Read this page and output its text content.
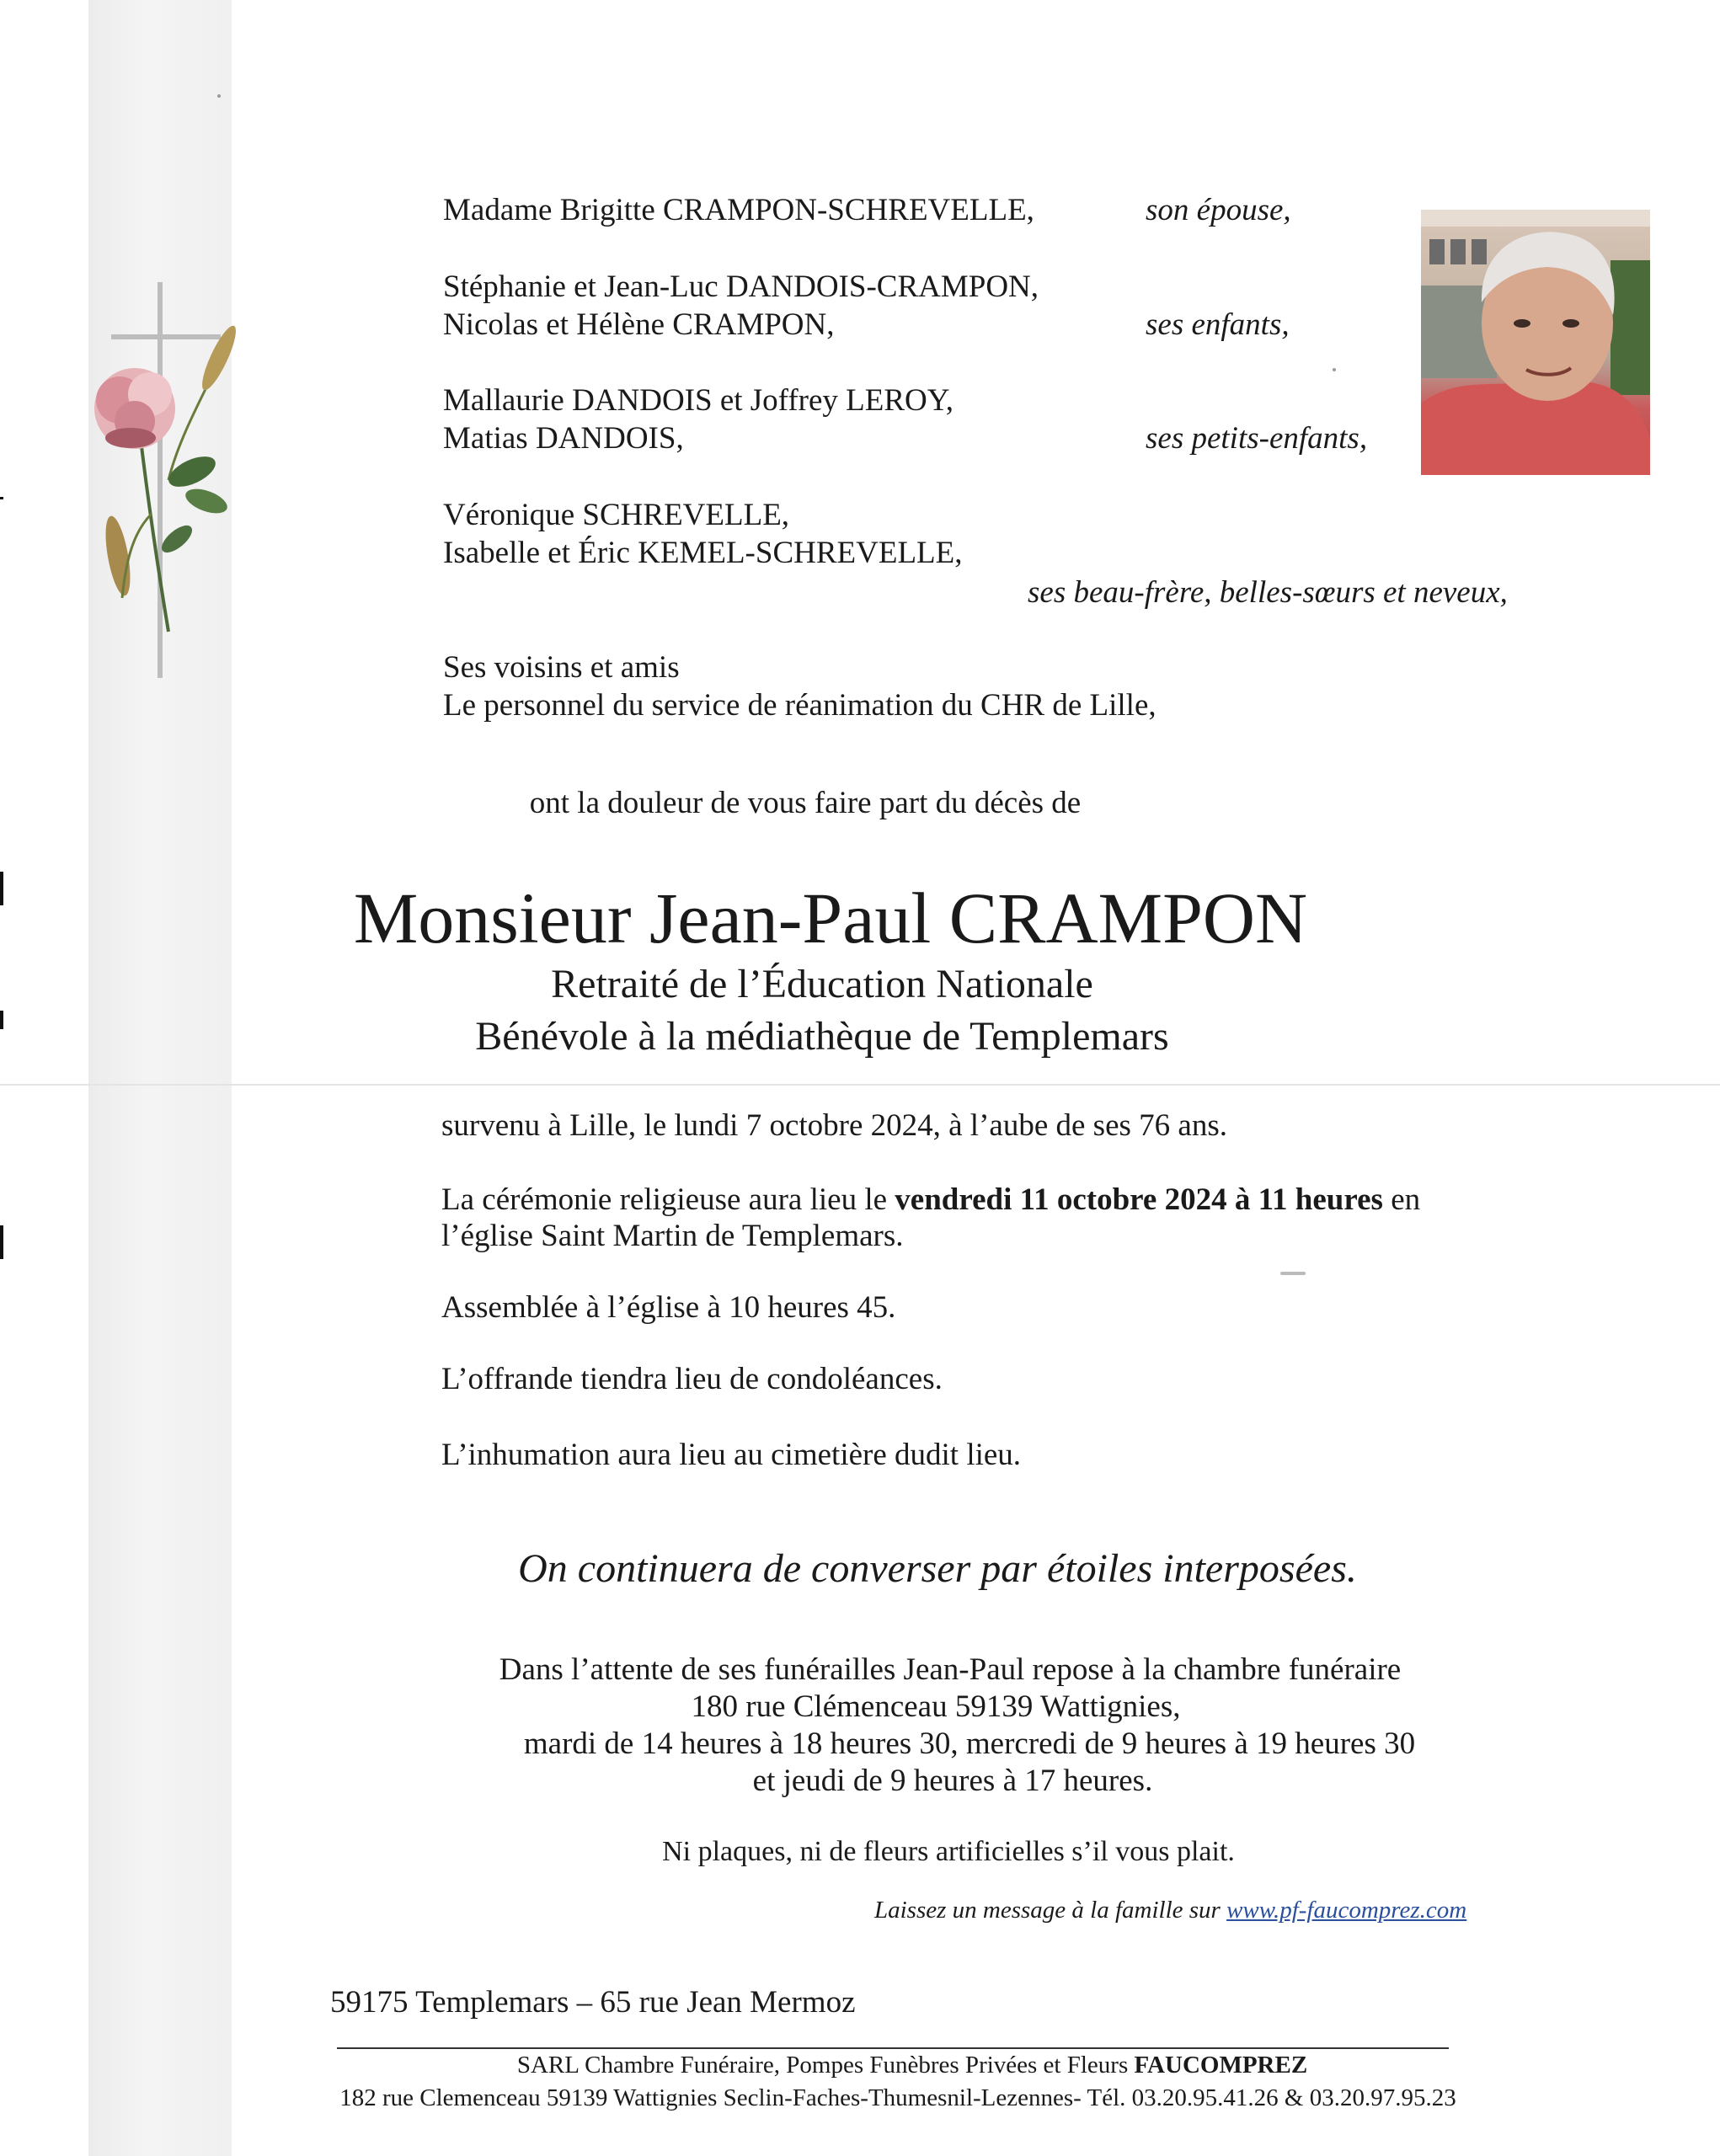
Madame Brigitte CRAMPON-SCHREVELLE,	son épouse,
Stéphanie et Jean-Luc DANDOIS-CRAMPON,
Nicolas et Hélène CRAMPON,	ses enfants,
Mallaurie DANDOIS et Joffrey LEROY,
Matias DANDOIS,	ses petits-enfants,
Véronique SCHREVELLE,
Isabelle et Éric KEMEL-SCHREVELLE,
ses beau-frère, belles-sœurs et neveux,
Ses voisins et amis
Le personnel du service de réanimation du CHR de Lille,
ont la douleur de vous faire part du décès de
Monsieur Jean-Paul CRAMPON
Retraité de l’Éducation Nationale
Bénévole à la médiathèque de Templemars
survenu à Lille, le lundi 7 octobre 2024, à l’aube de ses 76 ans.
La cérémonie religieuse aura lieu le vendredi 11 octobre 2024 à 11 heures en
l’église Saint Martin de Templemars.
Assemblée à l’église à 10 heures 45.
L’offrande tiendra lieu de condoléances.
L’inhumation aura lieu au cimetière dudit lieu.
On continuera de converser par étoiles interposées.
Dans l’attente de ses funérailles Jean-Paul repose à la chambre funéraire
180 rue Clémenceau 59139 Wattignies,
mardi de 14 heures à 18 heures 30, mercredi de 9 heures à 19 heures 30
et jeudi de 9 heures à 17 heures.
Ni plaques, ni de fleurs artificielles s’il vous plait.
Laissez un message à la famille sur www.pf-faucomprez.com
59175 Templemars – 65 rue Jean Mermoz
SARL Chambre Funéraire, Pompes Funèbres Privées et Fleurs FAUCOMPREZ
182 rue Clemenceau 59139 Wattignies Seclin-Faches-Thumesnil-Lezennes- Tél. 03.20.95.41.26 & 03.20.97.95.23
